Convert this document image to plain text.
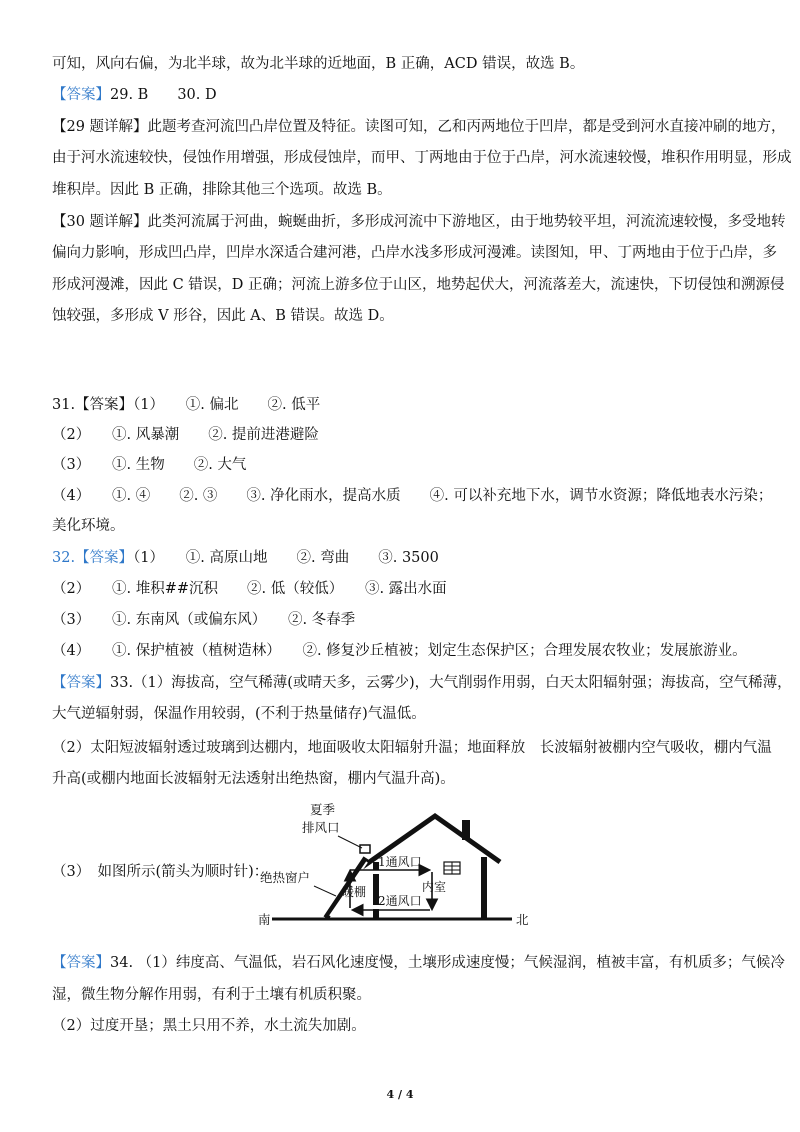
可知，风向右偏，为北半球，故为北半球的近地面，B 正确，ACD 错误，故选 B。
【答案】29. B　　30. D
【29 题详解】此题考查河流凹凸岸位置及特征。读图可知，乙和丙两地位于凹岸，都是受到河水直接冲刷的地方，
由于河水流速较快，侵蚀作用增强，形成侵蚀岸，而甲、丁两地由于位于凸岸，河水流速较慢，堆积作用明显，形成
堆积岸。因此 B 正确，排除其他三个选项。故选 B。
【30 题详解】此类河流属于河曲，蜿蜒曲折，多形成河流中下游地区，由于地势较平坦，河流流速较慢，多受地转
偏向力影响，形成凹凸岸，凹岸水深适合建河港，凸岸水浅多形成河漫滩。读图知，甲、丁两地由于位于凸岸，多
形成河漫滩，因此 C 错误，D 正确；河流上游多位于山区，地势起伏大，河流落差大，流速快，下切侵蚀和溯源侵
蚀较强，多形成 V 形谷，因此 A、B 错误。故选 D。
31.【答案】（1）　　①. 偏北　　②. 低平
（2）　　①. 风暴潮　　②. 提前进港避险
（3）　　①. 生物　　②. 大气
（4）　　①. ④　　②. ③　　③. 净化雨水，提高水质　　④. 可以补充地下水，调节水资源；降低地表水污染；
美化环境。
32.【答案】（1）　　①. 高原山地　　②. 弯曲　　③. 3500
（2）　　①. 堆积##沉积　　②. 低（较低）　　③. 露出水面
（3）　　①. 东南风（或偏东风）　　②. 冬春季
（4）　　①. 保护植被（植树造林）　　②. 修复沙丘植被；划定生态保护区；合理发展农牧业；发展旅游业。
【答案】33.（1）海拔高，空气稀薄(或晴天多，云雾少)，大气削弱作用弱，白天太阳辐射强；海拔高，空气稀薄，
大气逆辐射弱，保温作用较弱，(不利于热量储存)气温低。
（2）太阳短波辐射透过玻璃到达棚内，地面吸收太阳辐射升温；地面释放　长波辐射被棚内空气吸收，棚内气温
升高(或棚内地面长波辐射无法透射出绝热窗，棚内气温升高)。
（3）　如图所示(箭头为顺时针)：
夏季
排风口
绝热窗户
1通风口
2通风口
暖棚	内室
南	北
【答案】34. （1）纬度高、气温低，岩石风化速度慢，土壤形成速度慢；气候湿润，植被丰富，有机质多；气候冷
湿，微生物分解作用弱，有利于土壤有机质积聚。
（2）过度开垦；黑土只用不养，水土流失加剧。
4 / 4
